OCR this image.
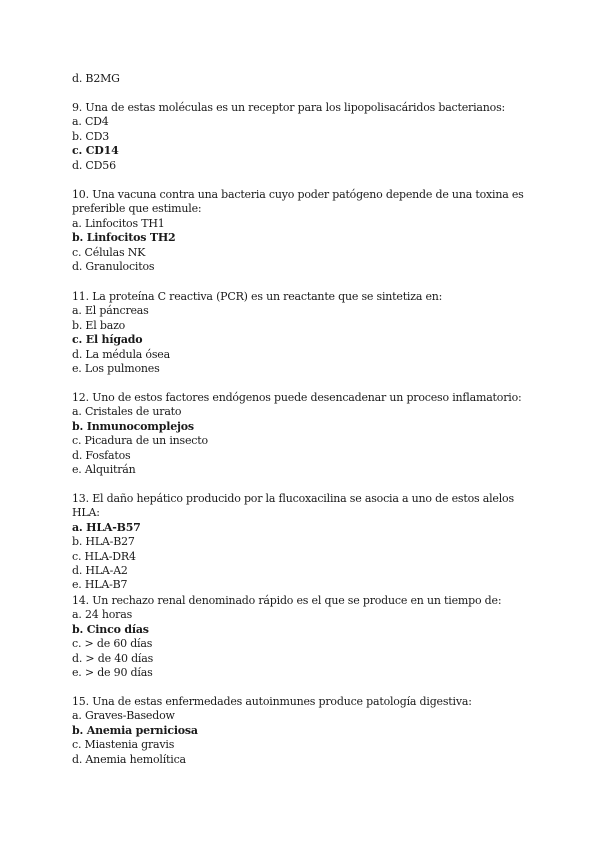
d. B2MG
9. Una de estas moléculas es un receptor para los lipopolisacáridos bacterianos:
a. CD4
b. CD3
c. CD14
d. CD56
10. Una vacuna contra una bacteria cuyo poder patógeno depende de una toxina es
preferible que estimule:
a. Linfocitos TH1
b. Linfocitos TH2
c. Células NK
d. Granulocitos
11. La proteína C reactiva (PCR) es un reactante que se sintetiza en:
a. El páncreas
b. El bazo
c. El hígado
d. La médula ósea
e. Los pulmones
12. Uno de estos factores endógenos puede desencadenar un proceso inflamatorio:
a. Cristales de urato
b. Inmunocomplejos
c. Picadura de un insecto
d. Fosfatos
e. Alquitrán
13. El daño hepático producido por la flucoxacilina se asocia a uno de estos alelos HLA:
a. HLA-B57
b. HLA-B27
c. HLA-DR4
d. HLA-A2
e. HLA-B7
14. Un rechazo renal denominado rápido es el que se produce en un tiempo de:
a. 24 horas
b. Cinco días
c. > de 60 días
d. > de 40 días
e. > de 90 días
15. Una de estas enfermedades autoinmunes produce patología digestiva:
a. Graves-Basedow
b. Anemia perniciosa
c. Miastenia gravis
d. Anemia hemolítica
